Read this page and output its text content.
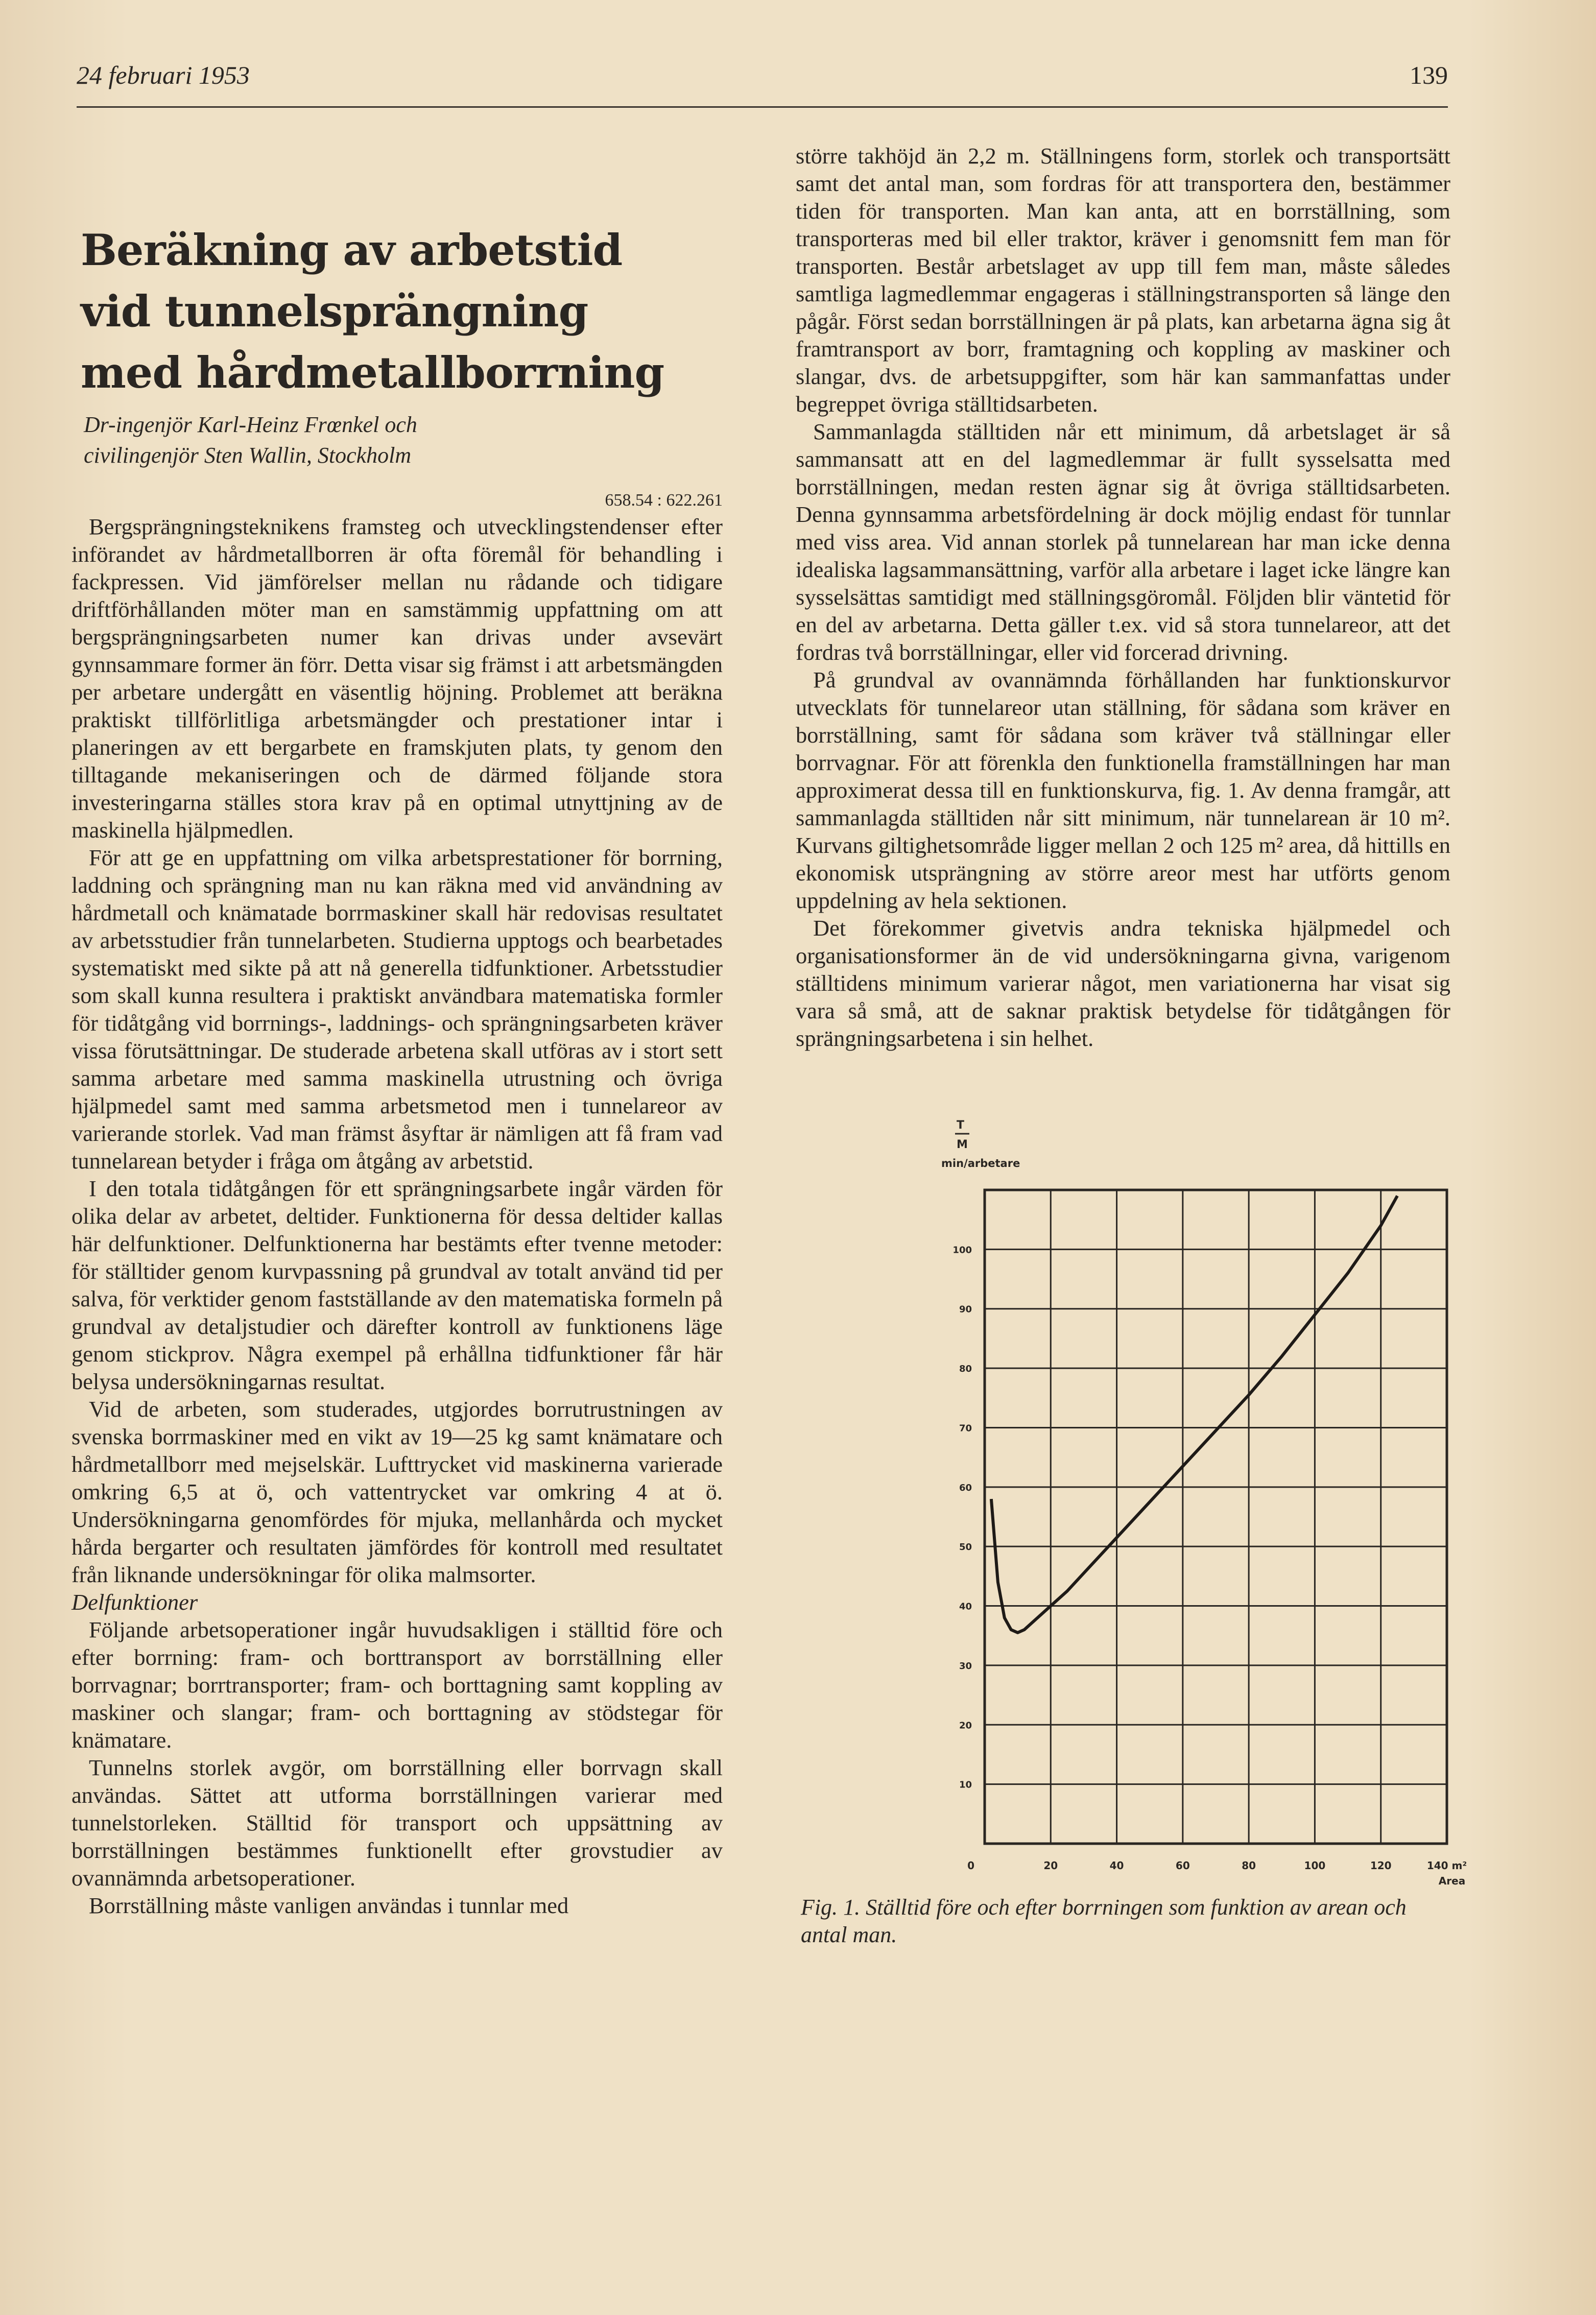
24 februari 1953	139
Beräkning av arbetstid
vid tunnelsprängning
med hårdmetallborrning
Dr-ingenjör Karl-Heinz Frœnkel och
civilingenjör Sten Wallin, Stockholm
658.54 : 622.261

Bergsprängningsteknikens framsteg och utvecklingstendenser efter införandet av hårdmetallborren är ofta föremål för behandling i fackpressen. Vid jämförelser mellan nu rådande och tidigare driftförhållanden möter man en samstämmig uppfattning om att bergsprängningsarbeten numer kan drivas under avsevärt gynnsammare former än förr. Detta visar sig främst i att arbetsmängden per arbetare undergått en väsentlig höjning. Problemet att beräkna praktiskt tillförlitliga arbetsmängder och prestationer intar i planeringen av ett bergarbete en framskjuten plats, ty genom den tilltagande mekaniseringen och de därmed följande stora investeringarna ställes stora krav på en optimal utnyttjning av de maskinella hjälpmedlen.

För att ge en uppfattning om vilka arbetsprestationer för borrning, laddning och sprängning man nu kan räkna med vid användning av hårdmetall och knämatade borrmaskiner skall här redovisas resultatet av arbetsstudier från tunnelarbeten. Studierna upptogs och bearbetades systematiskt med sikte på att nå generella tidfunktioner. Arbetsstudier som skall kunna resultera i praktiskt användbara matematiska formler för tidåtgång vid borrnings-, laddnings- och sprängningsarbeten kräver vissa förutsättningar. De studerade arbetena skall utföras av i stort sett samma arbetare med samma maskinella utrustning och övriga hjälpmedel samt med samma arbetsmetod men i tunnelareor av varierande storlek. Vad man främst åsyftar är nämligen att få fram vad tunnelarean betyder i fråga om åtgång av arbetstid.

I den totala tidåtgången för ett sprängningsarbete ingår värden för olika delar av arbetet, deltider. Funktionerna för dessa deltider kallas här delfunktioner. Delfunktionerna har bestämts efter tvenne metoder: för ställtider genom kurvpassning på grundval av totalt använd tid per salva, för verktider genom fastställande av den matematiska formeln på grundval av detaljstudier och därefter kontroll av funktionens läge genom stickprov. Några exempel på erhållna tidfunktioner får här belysa undersökningarnas resultat.

Vid de arbeten, som studerades, utgjordes borrutrustningen av svenska borrmaskiner med en vikt av 19—25 kg samt knämatare och hårdmetallborr med mejselskär. Lufttrycket vid maskinerna varierade omkring 6,5 at ö, och vattentrycket var omkring 4 at ö. Undersökningarna genomfördes för mjuka, mellanhårda och mycket hårda bergarter och resultaten jämfördes för kontroll med resultatet från liknande undersökningar för olika malmsorter.

Delfunktioner

Följande arbetsoperationer ingår huvudsakligen i ställtid före och efter borrning: fram- och borttransport av borrställning eller borrvagnar; borrtransporter; fram- och borttagning samt koppling av maskiner och slangar; fram- och borttagning av stödstegar för knämatare.

Tunnelns storlek avgör, om borrställning eller borrvagn skall användas. Sättet att utforma borrställningen varierar med tunnelstorleken. Ställtid för transport och uppsättning av borrställningen bestämmes funktionellt efter grovstudier av ovannämnda arbetsoperationer.

Borrställning måste vanligen användas i tunnlar med

större takhöjd än 2,2 m. Ställningens form, storlek och transportsätt samt det antal man, som fordras för att transportera den, bestämmer tiden för transporten. Man kan anta, att en borrställning, som transporteras med bil eller traktor, kräver i genomsnitt fem man för transporten. Består arbetslaget av upp till fem man, måste således samtliga lagmedlemmar engageras i ställningstransporten så länge den pågår. Först sedan borrställningen är på plats, kan arbetarna ägna sig åt framtransport av borr, framtagning och koppling av maskiner och slangar, dvs. de arbetsuppgifter, som här kan sammanfattas under begreppet övriga ställtidsarbeten.

Sammanlagda ställtiden når ett minimum, då arbetslaget är så sammansatt att en del lagmedlemmar är fullt sysselsatta med borrställningen, medan resten ägnar sig åt övriga ställtidsarbeten. Denna gynnsamma arbetsfördelning är dock möjlig endast för tunnlar med viss area. Vid annan storlek på tunnelarean har man icke denna idealiska lagsammansättning, varför alla arbetare i laget icke längre kan sysselsättas samtidigt med ställningsgöromål. Följden blir väntetid för en del av arbetarna. Detta gäller t.ex. vid så stora tunnelareor, att det fordras två borrställningar, eller vid forcerad drivning.

På grundval av ovannämnda förhållanden har funktionskurvor utvecklats för tunnelareor utan ställning, för sådana som kräver en borrställning, samt för sådana som kräver två ställningar eller borrvagnar. För att förenkla den funktionella framställningen har man approximerat dessa till en funktionskurva, fig. 1. Av denna framgår, att sammanlagda ställtiden når sitt minimum, när tunnelarean är 10 m². Kurvans giltighetsområde ligger mellan 2 och 125 m² area, då hittills en ekonomisk utsprängning av större areor mest har utförts genom uppdelning av hela sektionen.

Det förekommer givetvis andra tekniska hjälpmedel och organisationsformer än de vid undersökningarna givna, varigenom ställtidens minimum varierar något, men variationerna har visat sig vara så små, att de saknar praktisk betydelse för tidåtgången för sprängningsarbetena i sin helhet.

0	20	40	60	80	100	120	140 m²
Area
10
20
30
40
50
60
70
80
90
100
T
M
min/arbetare
Fig. 1. Ställtid före och efter borrningen som funktion av arean och antal man.
